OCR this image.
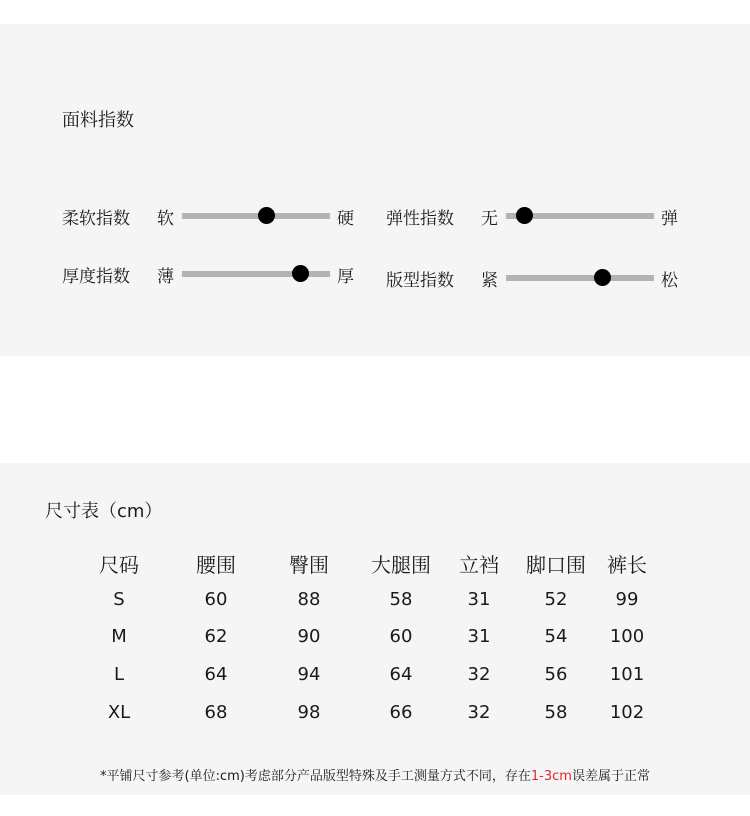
面料指数
柔软指数 软	硬
厚度指数 薄	厚
弹性指数 无	弹
版型指数 紧	松
尺寸表（cm）
尺码	腰围	臀围 大腿围 立裆 脚口围 裤长
S	60	88	58	31	52	99
M	62	90	60	31	54 100
L	64	94	64	32	56 101
XL	68	98	66	32	58 102
*平铺尺寸参考(单位:cm)考虑部分产品版型特殊及手工测量方式不同，存在1-3cm误差属于正常
